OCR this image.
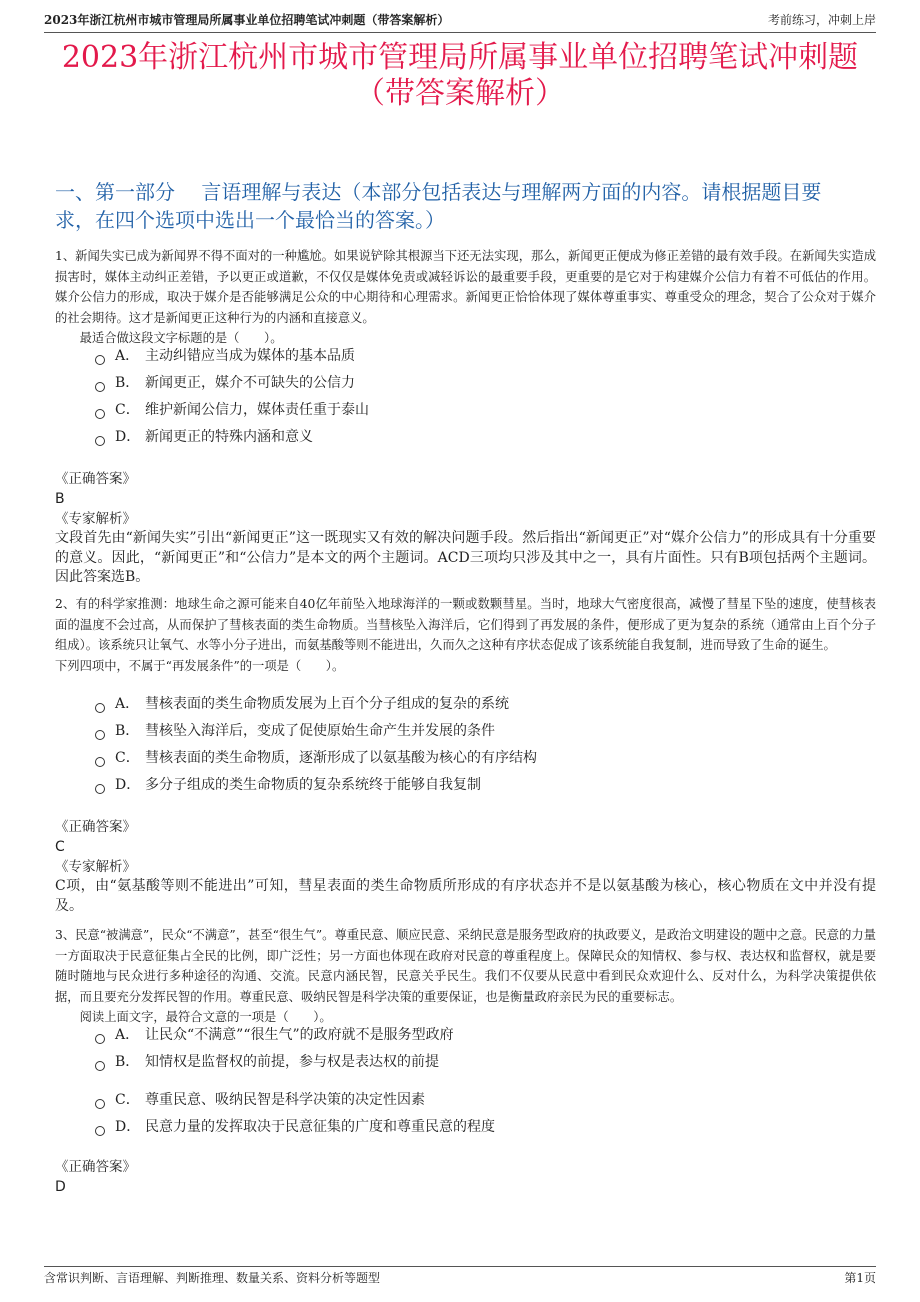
2023年浙江杭州市城市管理局所属事业单位招聘笔试冲刺题（带答案解析）	考前练习，冲刺上岸
2023年浙江杭州市城市管理局所属事业单位招聘笔试冲刺题
（带答案解析）
一、第一部分　 言语理解与表达（本部分包括表达与理解两方面的内容。请根据题目要求，在四个选项中选出一个最恰当的答案。）

1、新闻失实已成为新闻界不得不面对的一种尴尬。如果说铲除其根源当下还无法实现，那么，新闻更正便成为修正差错的最有效手段。在新闻失实造成损害时，媒体主动纠正差错，予以更正或道歉，不仅仅是媒体免责或减轻诉讼的最重要手段，更重要的是它对于构建媒介公信力有着不可低估的作用。媒介公信力的形成，取决于媒介是否能够满足公众的中心期待和心理需求。新闻更正恰恰体现了媒体尊重事实、尊重受众的理念，契合了公众对于媒介的社会期待。这才是新闻更正这种行为的内涵和直接意义。

　　最适合做这段文字标题的是（　　）。

A． 主动纠错应当成为媒体的基本品质
B． 新闻更正，媒介不可缺失的公信力
C． 维护新闻公信力，媒体责任重于泰山
D． 新闻更正的特殊内涵和意义
《正确答案》
B
《专家解析》

文段首先由“新闻失实”引出“新闻更正”这一既现实又有效的解决问题手段。然后指出“新闻更正”对“媒介公信力”的形成具有十分重要的意义。因此，“新闻更正”和“公信力”是本文的两个主题词。ACD三项均只涉及其中之一，具有片面性。只有B项包括两个主题词。因此答案选B。

2、有的科学家推测：地球生命之源可能来自40亿年前坠入地球海洋的一颗或数颗彗星。当时，地球大气密度很高，减慢了彗星下坠的速度，使彗核表面的温度不会过高，从而保护了彗核表面的类生命物质。当彗核坠入海洋后，它们得到了再发展的条件，便形成了更为复杂的系统（通常由上百个分子组成）。该系统只让氧气、水等小分子进出，而氨基酸等则不能进出，久而久之这种有序状态促成了该系统能自我复制，进而导致了生命的诞生。

下列四项中，不属于“再发展条件”的一项是（　　）。

A． 彗核表面的类生命物质发展为上百个分子组成的复杂的系统
B． 彗核坠入海洋后，变成了促使原始生命产生并发展的条件
C． 彗核表面的类生命物质，逐渐形成了以氨基酸为核心的有序结构
D． 多分子组成的类生命物质的复杂系统终于能够自我复制
《正确答案》
C
《专家解析》

C项，由“氨基酸等则不能进出”可知，彗星表面的类生命物质所形成的有序状态并不是以氨基酸为核心，核心物质在文中并没有提及。

3、民意“被满意”，民众“不满意”，甚至“很生气”。尊重民意、顺应民意、采纳民意是服务型政府的执政要义，是政治文明建设的题中之意。民意的力量一方面取决于民意征集占全民的比例，即广泛性；另一方面也体现在政府对民意的尊重程度上。保障民众的知情权、参与权、表达权和监督权，就是要随时随地与民众进行多种途径的沟通、交流。民意内涵民智，民意关乎民生。我们不仅要从民意中看到民众欢迎什么、反对什么，为科学决策提供依据，而且要充分发挥民智的作用。尊重民意、吸纳民智是科学决策的重要保证，也是衡量政府亲民为民的重要标志。

　　阅读上面文字，最符合文意的一项是（　　）。

A． 让民众“不满意”“很生气”的政府就不是服务型政府
B． 知情权是监督权的前提，参与权是表达权的前提
C． 尊重民意、吸纳民智是科学决策的决定性因素
D． 民意力量的发挥取决于民意征集的广度和尊重民意的程度
《正确答案》
D
含常识判断、言语理解、判断推理、数量关系、资料分析等题型	第1页
